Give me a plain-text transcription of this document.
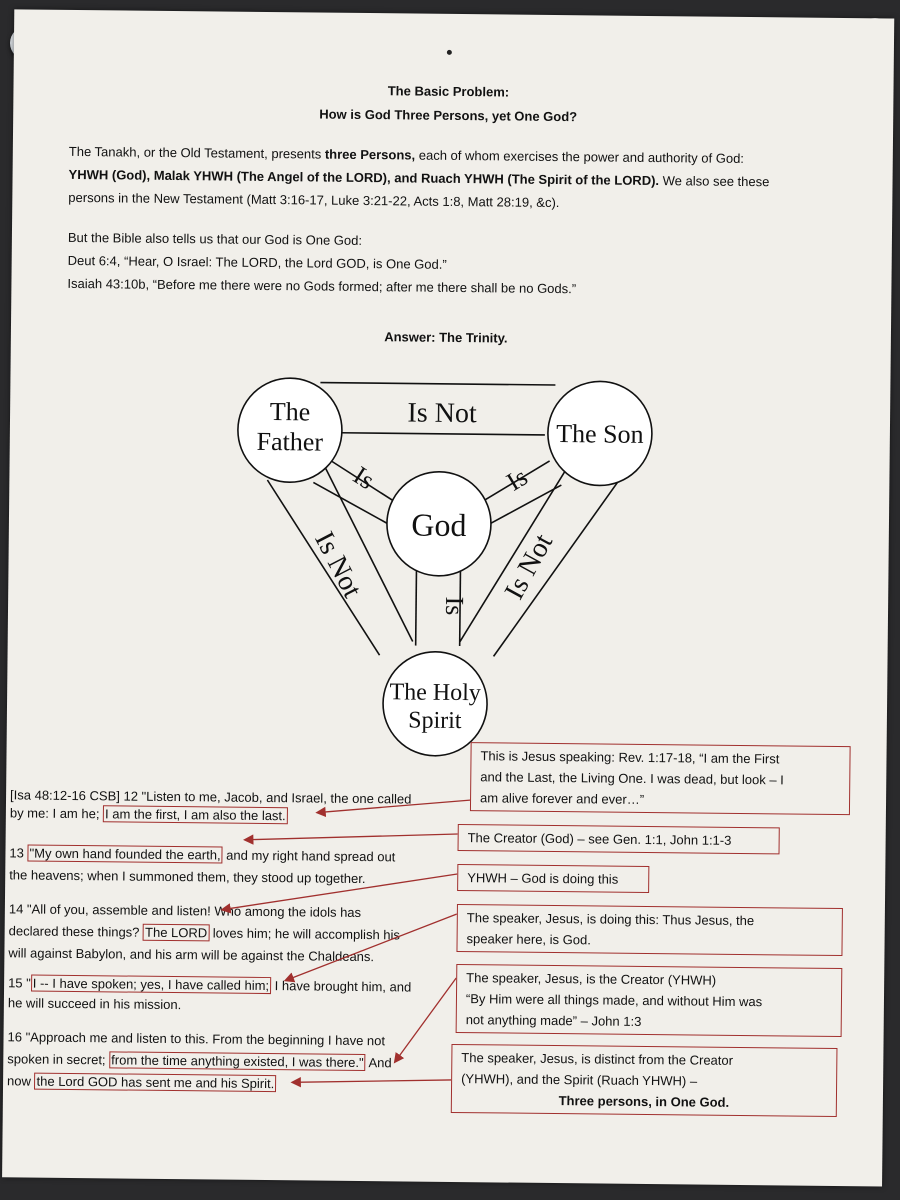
The Basic Problem:
How is God Three Persons, yet One God?
The Tanakh, or the Old Testament, presents three Persons, each of whom exercises the power and authority of God:
YHWH (God), Malak YHWH (The Angel of the LORD), and Ruach YHWH (The Spirit of the LORD). We also see these
persons in the New Testament (Matt 3:16-17, Luke 3:21-22, Acts 1:8, Matt 28:19, &c).
But the Bible also tells us that our God is One God:
Deut 6:4, “Hear, O Israel: The LORD, the Lord GOD, is One God.”
Isaiah 43:10b, “Before me there were no Gods formed; after me there shall be no Gods.”
Answer: The Trinity.
The
Father	The Son
God
The Holy
Spirit
Is Not
Is	Is
Is
Is Not	Is Not
[Isa 48:12-16 CSB] 12 "Listen to me, Jacob, and Israel, the one called
by me: I am he; I am the first, I am also the last.
13 "My own hand founded the earth, and my right hand spread out
the heavens; when I summoned them, they stood up together.
14 "All of you, assemble and listen! Who among the idols has
declared these things? The LORD loves him; he will accomplish his
will against Babylon, and his arm will be against the Chaldeans.
15 " I -- I have spoken; yes, I have called him; I have brought him, and
he will succeed in his mission.
16 "Approach me and listen to this. From the beginning I have not
spoken in secret; from the time anything existed, I was there." And
now the Lord GOD has sent me and his Spirit.
This is Jesus speaking: Rev. 1:17-18, “I am the First
and the Last, the Living One. I was dead, but look – I
am alive forever and ever…”
The Creator (God) – see Gen. 1:1, John 1:1-3
YHWH – God is doing this
The speaker, Jesus, is doing this: Thus Jesus, the
speaker here, is God.
The speaker, Jesus, is the Creator (YHWH)
“By Him were all things made, and without Him was
not anything made” – John 1:3
The speaker, Jesus, is distinct from the Creator
(YHWH), and the Spirit (Ruach YHWH) –

Three persons, in One God.
